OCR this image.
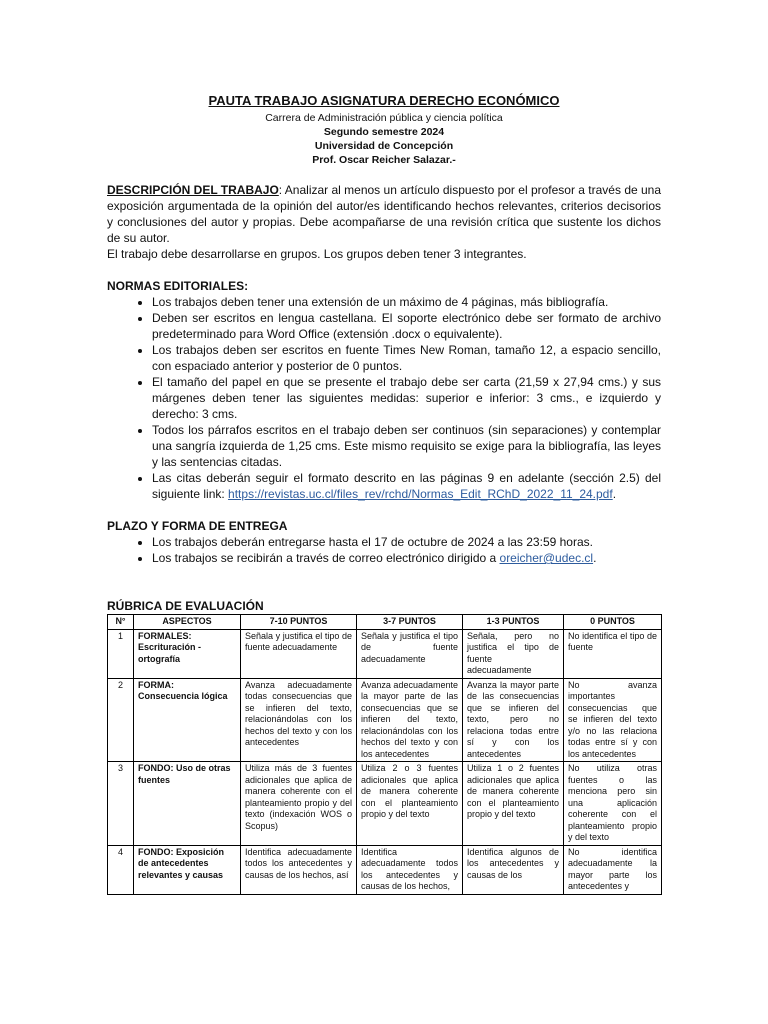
PAUTA TRABAJO ASIGNATURA DERECHO ECONÓMICO
Carrera de Administración pública y ciencia política
Segundo semestre 2024
Universidad de Concepción
Prof. Oscar Reicher Salazar.-

DESCRIPCIÓN DEL TRABAJO: Analizar al menos un artículo dispuesto por el profesor a través de una exposición argumentada de la opinión del autor/es identificando hechos relevantes, criterios decisorios y conclusiones del autor y propias. Debe acompañarse de una revisión crítica que sustente los dichos de su autor.
El trabajo debe desarrollarse en grupos. Los grupos deben tener 3 integrantes.

NORMAS EDITORIALES:

• Los trabajos deben tener una extensión de un máximo de 4 páginas, más bibliografía.
• Deben ser escritos en lengua castellana. El soporte electrónico debe ser formato de archivo predeterminado para Word Office (extensión .docx o equivalente).
• Los trabajos deben ser escritos en fuente Times New Roman, tamaño 12, a espacio sencillo, con espaciado anterior y posterior de 0 puntos.
• El tamaño del papel en que se presente el trabajo debe ser carta (21,59 x 27,94 cms.) y sus márgenes deben tener las siguientes medidas: superior e inferior: 3 cms., e izquierdo y derecho: 3 cms.
• Todos los párrafos escritos en el trabajo deben ser continuos (sin separaciones) y contemplar una sangría izquierda de 1,25 cms. Este mismo requisito se exige para la bibliografía, las leyes y las sentencias citadas.
• Las citas deberán seguir el formato descrito en las páginas 9 en adelante (sección 2.5) del siguiente link: https://revistas.uc.cl/files_rev/rchd/Normas_Edit_RChD_2022_11_24.pdf.

PLAZO Y FORMA DE ENTREGA

• Los trabajos deberán entregarse hasta el 17 de octubre de 2024 a las 23:59 horas.
• Los trabajos se recibirán a través de correo electrónico dirigido a oreicher@udec.cl.
RÚBRICA DE EVALUACIÓN
N°	ASPECTOS	7-10 PUNTOS	3-7 PUNTOS	1-3 PUNTOS	0 PUNTOS
1	FORMALES: Escrituración - ortografía	Señala y justifica el tipo de fuente adecuadamente	Señala y justifica el tipo de fuente adecuadamente	Señala, pero no justifica el tipo de fuente adecuadamente	No identifica el tipo de fuente
2	FORMA: Consecuencia lógica	Avanza adecuadamente todas consecuencias que se infieren del texto, relacionándolas con los hechos del texto y con los antecedentes	Avanza adecuadamente la mayor parte de las consecuencias que se infieren del texto, relacionándolas con los hechos del texto y con los antecedentes	Avanza la mayor parte de las consecuencias que se infieren del texto, pero no relaciona todas entre sí y con los antecedentes	No avanza importantes consecuencias que se infieren del texto y/o no las relaciona todas entre sí y con los antecedentes
3	FONDO: Uso de otras fuentes	Utiliza más de 3 fuentes adicionales que aplica de manera coherente con el planteamiento propio y del texto (indexación WOS o Scopus)	Utiliza 2 o 3 fuentes adicionales que aplica de manera coherente con el planteamiento propio y del texto	Utiliza 1 o 2 fuentes adicionales que aplica de manera coherente con el planteamiento propio y del texto	No utiliza otras fuentes o las menciona pero sin una aplicación coherente con el planteamiento propio y del texto
4	FONDO: Exposición de antecedentes relevantes y causas	Identifica adecuadamente todos los antecedentes y causas de los hechos, así	Identifica adecuadamente todos los antecedentes y causas de los hechos,	Identifica algunos de los antecedentes y causas de los	No identifica adecuadamente la mayor parte los antecedentes y
